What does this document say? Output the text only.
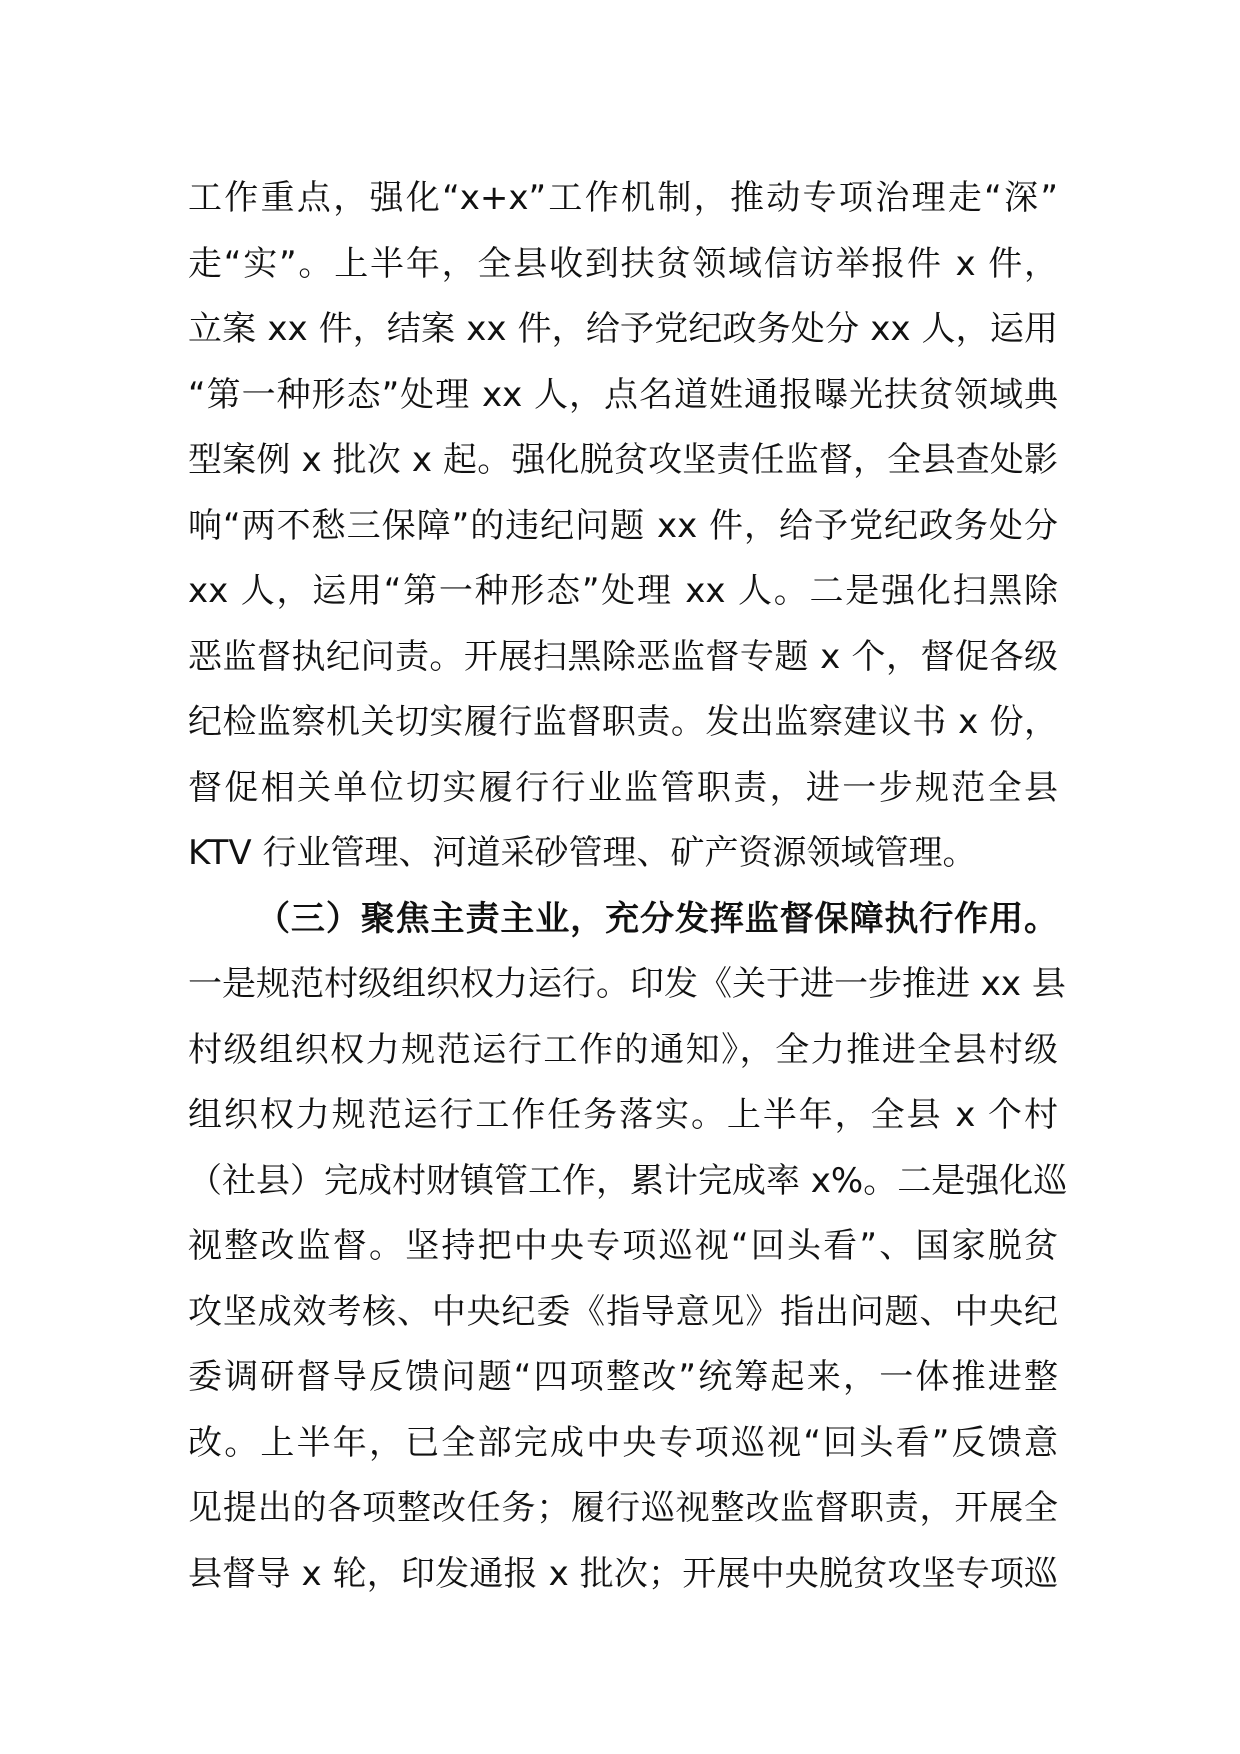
工作重点，强化“x+x”工作机制，推动专项治理走“深”
走“实”。上半年，全县收到扶贫领域信访举报件 x 件，
立案 xx 件，结案 xx 件，给予党纪政务处分 xx 人，运用
“第一种形态”处理 xx 人，点名道姓通报曝光扶贫领域典
型案例 x 批次 x 起。强化脱贫攻坚责任监督，全县查处影
响“两不愁三保障”的违纪问题 xx 件，给予党纪政务处分
xx 人，运用“第一种形态”处理 xx 人。二是强化扫黑除
恶监督执纪问责。开展扫黑除恶监督专题 x 个，督促各级
纪检监察机关切实履行监督职责。发出监察建议书 x 份，
督促相关单位切实履行行业监管职责，进一步规范全县
KTV 行业管理、河道采砂管理、矿产资源领域管理。
（三）聚焦主责主业，充分发挥监督保障执行作用。
一是规范村级组织权力运行。印发《关于进一步推进 xx 县
村级组织权力规范运行工作的通知》，全力推进全县村级
组织权力规范运行工作任务落实。上半年，全县 x 个村
（社县）完成村财镇管工作，累计完成率 x%。二是强化巡
视整改监督。坚持把中央专项巡视“回头看”、国家脱贫
攻坚成效考核、中央纪委《指导意见》指出问题、中央纪
委调研督导反馈问题“四项整改”统筹起来，一体推进整
改。上半年，已全部完成中央专项巡视“回头看”反馈意
见提出的各项整改任务；履行巡视整改监督职责，开展全
县督导 x 轮，印发通报 x 批次；开展中央脱贫攻坚专项巡
